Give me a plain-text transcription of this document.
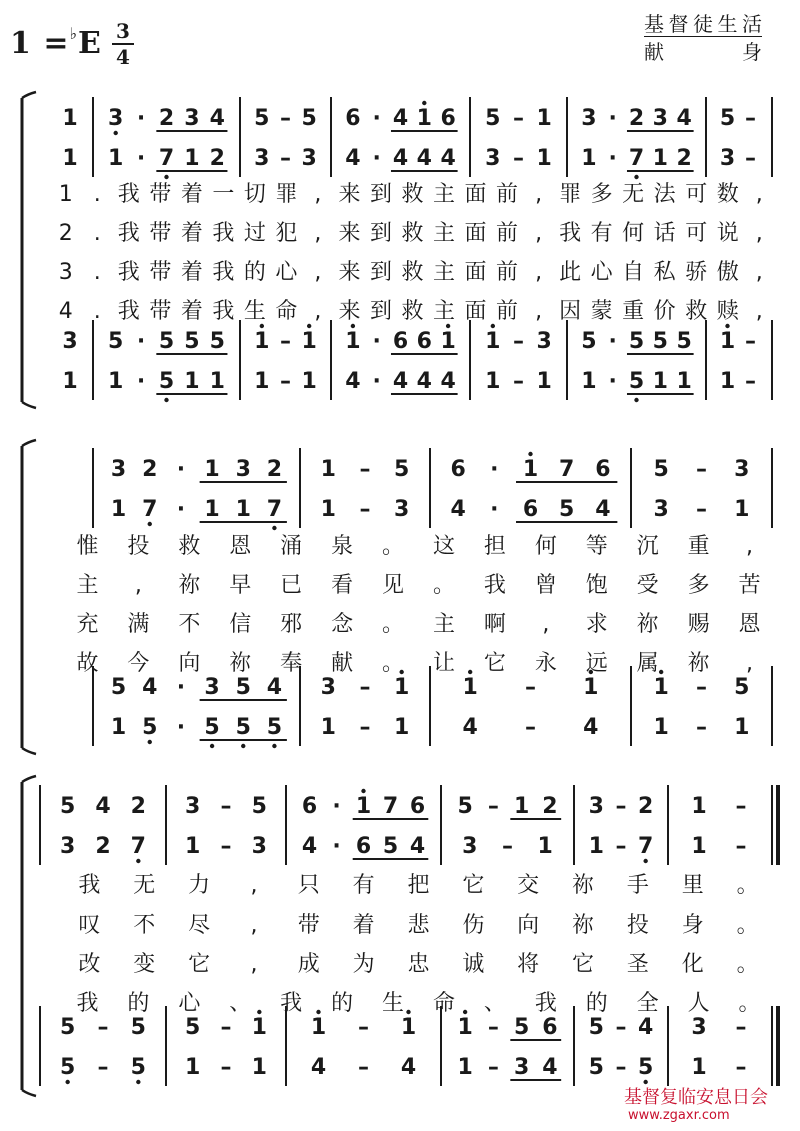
1 =♭E 3
4
基督徒生活
献身
1
1
3
1
3 · 2 3 4 5 – 5 6 · 4 1 6 5 – 1 3 · 2 3 4 5 –
1 · 7 1 2 3 – 3 4 · 4 4 4 3 – 1 1 · 7 1 2 3 –
5 · 5 5 5 1 – 1 1 · 6 6 1 1 – 3 5 · 5 5 5 1 –
1 · 5 1 1 1 – 1 4 · 4 4 4 1 – 1 1 · 5 1 1 1 –
1 . 我 带 着 一 切 罪 , 来 到 救 主 面 前 , 罪 多 无 法 可 数 ,
2 . 我 带 着 我 过 犯 , 来 到 救 主 面 前 , 我 有 何 话 可 说 ,
3 . 我 带 着 我 的 心 , 来 到 救 主 面 前 , 此 心 自 私 骄 傲 ,
4 . 我 带 着 我 生 命 , 来 到 救 主 面 前 , 因 蒙 重 价 救 赎 ,
3 2 · 1 3 2 1 – 5 6 · 1 7 6 5 – 3
1 7 · 1 1 7 1 – 3 4 · 6 5 4 3 – 1
5 4 · 3 5 4 3 – 1 1 – 1	1 – 5
1 5 · 5 5 5 1 – 1 4 – 4	1 – 1
惟 投 救 恩 涌 泉 。 这 担 何 等 沉 重 ,
主 , 祢 早 已 看 见 。 我 曾 饱 受 多 苦
充 满 不 信 邪 念 。 主 啊 , 求 祢 赐 恩
故 今 向 祢 奉 献 。 让 它 永 远 属 祢 ,
5 4 2 3 – 5 6 · 1 7 6 5 – 1 2 3 – 2 1 –
3 2 7 1 – 3 4 · 6 5 4 3 – 1 1 – 7 1 –
5 – 5 5 – 1 1 – 1 1 – 5 6 5 – 4 3 –
5 – 5 1 – 1 4 – 4 1 – 3 4 5 – 5 1 –
我 无 力 , 只 有 把 它 交 祢 手 里 。
叹 不 尽 , 带 着 悲 伤 向 祢 投 身 。
改 变 它 , 成 为 忠 诚 将 它 圣 化 。
我 的 心 、 我 的 生 命 、 我 的 全 人 。
基督复临安息日会
www.zgaxr.com
